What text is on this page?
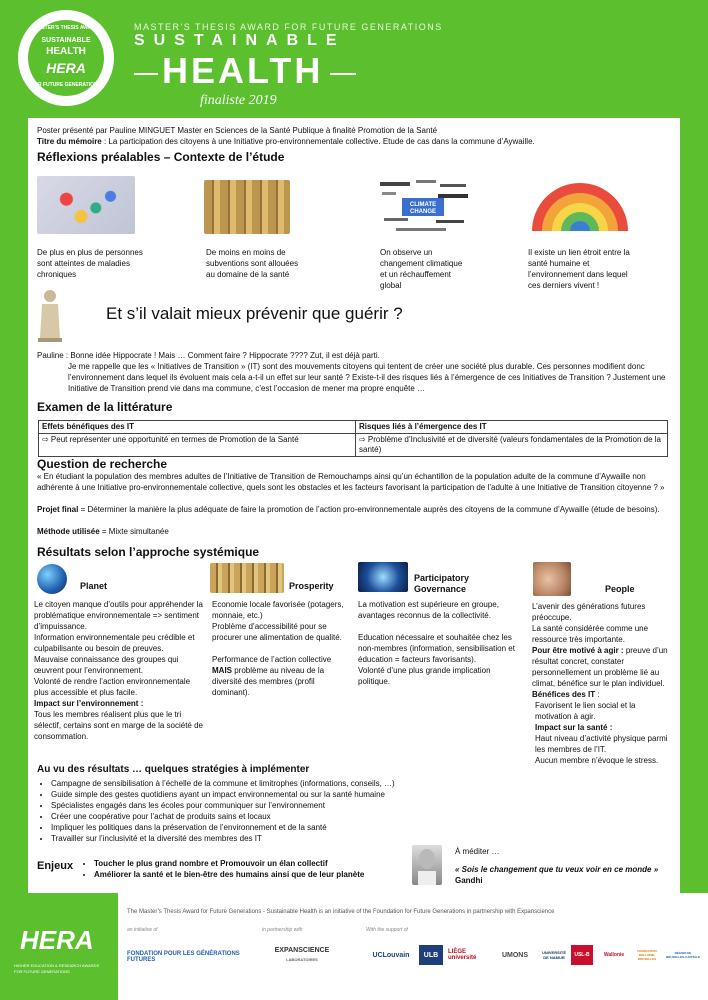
MASTER'S THESIS AWARD
SUSTAINABLE
HEALTH
HERA
FOR FUTURE GENERATIONS
MASTER'S THESIS AWARD FOR FUTURE GENERATIONS
SUSTAINABLE
HEALTH
finaliste 2019
Poster présenté par Pauline MINGUET Master en Sciences de la Santé Publique à finalité Promotion de la Santé
Titre du mémoire : La participation des citoyens à une Initiative pro-environnementale collective. Etude de cas dans la commune d’Aywaille.
Réflexions préalables – Contexte de l’étude
CLIMATE
CHANGE
De plus en plus de personnes sont atteintes de maladies chroniques
De moins en moins de subventions sont allouées au domaine de la santé
On observe un changement climatique et un réchauffement global
Il existe un lien étroit entre la santé humaine et l’environnement dans lequel ces derniers vivent !
Et s’il valait mieux prévenir que guérir ?
Pauline : Bonne idée Hippocrate ! Mais … Comment faire ? Hippocrate ???? Zut, il est déjà parti.
Je me rappelle que les « Initiatives de Transition » (IT) sont des mouvements citoyens qui tentent de créer une société plus durable. Ces personnes modifient donc l’environnement dans lequel ils évoluent mais cela a-t-il un effet sur leur santé ? Existe-t-il des risques liés à l’émergence de ces Initiatives de Transition ? Justement une Initiative de Transition prend vie dans ma commune, c’est l’occasion de mener ma propre enquête …
Examen de la littérature
Effets bénéfiques des IT	Risques liés à l’émergence des IT
⇨ Peut représenter une opportunité en termes de Promotion de la Santé	⇨ Problème d’Inclusivité et de diversité (valeurs fondamentales de la Promotion de la santé)
Question de recherche
« En étudiant la population des membres adultes de l’Initiative de Transition de Remouchamps ainsi qu’un échantillon de la population adulte de la commune d’Aywaille non adhérente à une Initiative pro-environnementale collective, quels sont les obstacles et les facteurs favorisant la participation de l’adulte à une Initiative de Transition citoyenne ? »
Projet final = Déterminer la manière la plus adéquate de faire la promotion de l’action pro-environnementale auprès des citoyens de la commune d’Aywaille (étude de besoins).
Méthode utilisée = Mixte simultanée
Résultats selon l’approche systémique
Planet
Le citoyen manque d’outils pour appréhender la problématique environnementale => sentiment d’impuissance.
Information environnementale peu crédible et culpabilisante ou besoin de preuves.
Mauvaise connaissance des groupes qui œuvrent pour l’environnement.
Volonté de rendre l’action environnementale plus accessible et plus facile.
Impact sur l’environnement :
Tous les membres réalisent plus que le tri sélectif, certains sont en marge de la société de consommation.
Prosperity
Economie locale favorisée (potagers, monnaie, etc.)
Problème d’accessibilité pour se procurer une alimentation de qualité.
Performance de l’action collective
MAIS problème au niveau de la diversité des membres (profil dominant).
Participatory
Governance
La motivation est supérieure en groupe, avantages reconnus de la collectivité.
Education nécessaire et souhaitée chez les non-membres (information, sensibilisation et éducation = facteurs favorisants).
Volonté d’une plus grande implication politique.
People
L’avenir des générations futures préoccupe.
La santé considérée comme une ressource très importante.
Pour être motivé à agir : preuve d’un résultat concret, constater personnellement un problème lié au climat, bénéfice sur le plan individuel.
Bénéfices des IT :
Favorisent le lien social et la motivation à agir.
Impact sur la santé :
Haut niveau d’activité physique parmi les membres de l’IT.
Aucun membre n’évoque le stress.
Au vu des résultats … quelques stratégies à implémenter
• Campagne de sensibilisation à l’échelle de la commune et limitrophes (informations, conseils, …)
• Guide simple des gestes quotidiens ayant un impact environnemental ou sur la santé humaine
• Spécialistes engagés dans les écoles pour communiquer sur l’environnement
• Créer une coopérative pour l’achat de produits sains et locaux
• Impliquer les politiques dans la préservation de l’environnement et de la santé
• Travailler sur l’inclusivité et la diversité des membres des IT
Enjeux	• Toucher le plus grand nombre et Promouvoir un élan collectif
• Améliorer la santé et le bien-être des humains ainsi que de leur planète
À méditer …
« Sois le changement que tu veux voir en ce monde »
Gandhi
HERA
HIGHER EDUCATION & RESEARCH AWARDS FOR FUTURE GENERATIONS
The Master’s Thesis Award for Future Generations - Sustainable Health is an initiative of the Foundation for Future Generations in partnership with Expanscience
an initiative of	in partnership with	With the support of
FONDATION POUR LES GÉNÉRATIONS FUTURES
EXPANSCIENCE
LABORATOIRES
UCLouvain	ULB	LIÈGE université	UMONS	UNIVERSITÉ DE NAMUR	USL-B	Wallonie
FÉDÉRATION WALLONIE-BRUXELLES
RÉGION DE BRUXELLES-CAPITALE
